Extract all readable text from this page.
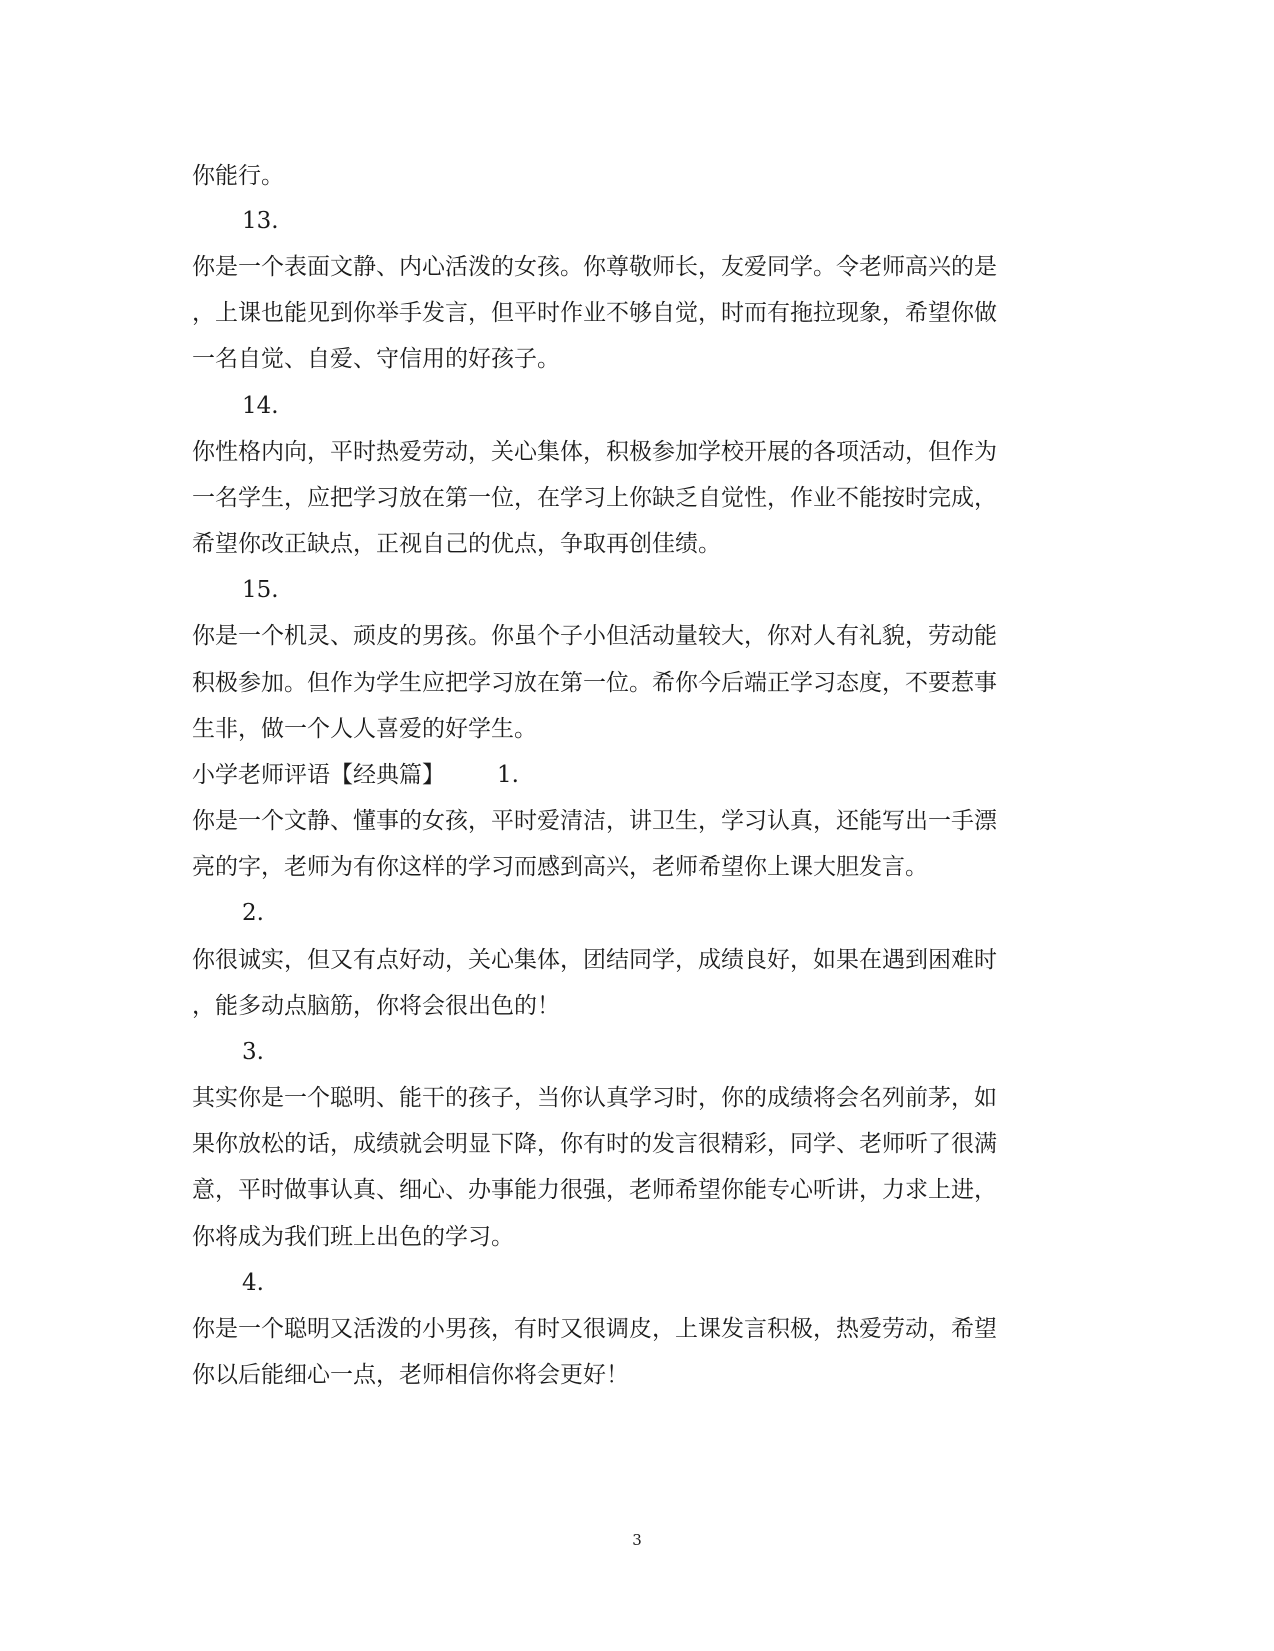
你能行。
13.
你是一个表面文静、内心活泼的女孩。你尊敬师长，友爱同学。令老师高兴的是
，上课也能见到你举手发言，但平时作业不够自觉，时而有拖拉现象，希望你做
一名自觉、自爱、守信用的好孩子。
14.
你性格内向，平时热爱劳动，关心集体，积极参加学校开展的各项活动，但作为
一名学生，应把学习放在第一位，在学习上你缺乏自觉性，作业不能按时完成，
希望你改正缺点，正视自己的优点，争取再创佳绩。
15.
你是一个机灵、顽皮的男孩。你虽个子小但活动量较大，你对人有礼貌，劳动能
积极参加。但作为学生应把学习放在第一位。希你今后端正学习态度，不要惹事
生非，做一个人人喜爱的好学生。
小学老师评语【经典篇】 1.
你是一个文静、懂事的女孩，平时爱清洁，讲卫生，学习认真，还能写出一手漂
亮的字，老师为有你这样的学习而感到高兴，老师希望你上课大胆发言。
2.
你很诚实，但又有点好动，关心集体，团结同学，成绩良好，如果在遇到困难时
，能多动点脑筋，你将会很出色的！
3.
其实你是一个聪明、能干的孩子，当你认真学习时，你的成绩将会名列前茅，如
果你放松的话，成绩就会明显下降，你有时的发言很精彩，同学、老师听了很满
意，平时做事认真、细心、办事能力很强，老师希望你能专心听讲，力求上进，
你将成为我们班上出色的学习。
4.
你是一个聪明又活泼的小男孩，有时又很调皮，上课发言积极，热爱劳动，希望
你以后能细心一点，老师相信你将会更好！
3
